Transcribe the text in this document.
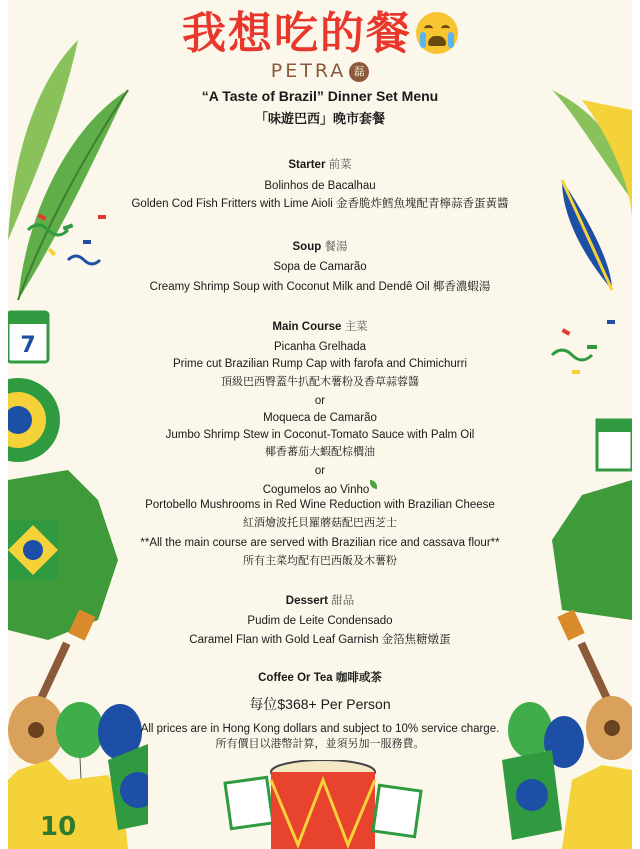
7
10
我想吃的餐
PETRA 磊
“A Taste of Brazil” Dinner Set Menu
「味遊巴西」晚市套餐
Starter 前菜
Bolinhos de Bacalhau
Golden Cod Fish Fritters with Lime Aioli 金香脆炸鱈魚塊配青檸蒜香蛋黃醬
Soup 餐湯
Sopa de Camarão
Creamy Shrimp Soup with Coconut Milk and Dendê Oil 椰香濃蝦湯
Main Course 主菜
Picanha Grelhada
Prime cut Brazilian Rump Cap with farofa and Chimichurri
頂級巴西臀蓋牛扒配木薯粉及香草蒜蓉醬
or
Moqueca de Camarão
Jumbo Shrimp Stew in Coconut-Tomato Sauce with Palm Oil
椰香蕃茄大蝦配棕櫚油
or
Cogumelos ao Vinho
Portobello Mushrooms in Red Wine Reduction with Brazilian Cheese
紅酒燴波托貝羅蘑菇配巴西芝士
**All the main course are served with Brazilian rice and cassava flour**
所有主菜均配有巴西飯及木薯粉
Dessert 甜品
Pudim de Leite Condensado
Caramel Flan with Gold Leaf Garnish 金箔焦糖燉蛋
Coffee Or Tea 咖啡或茶
每位$368+ Per Person
All prices are in Hong Kong dollars and subject to 10% service charge.
所有價目以港幣計算，並須另加一服務費。
